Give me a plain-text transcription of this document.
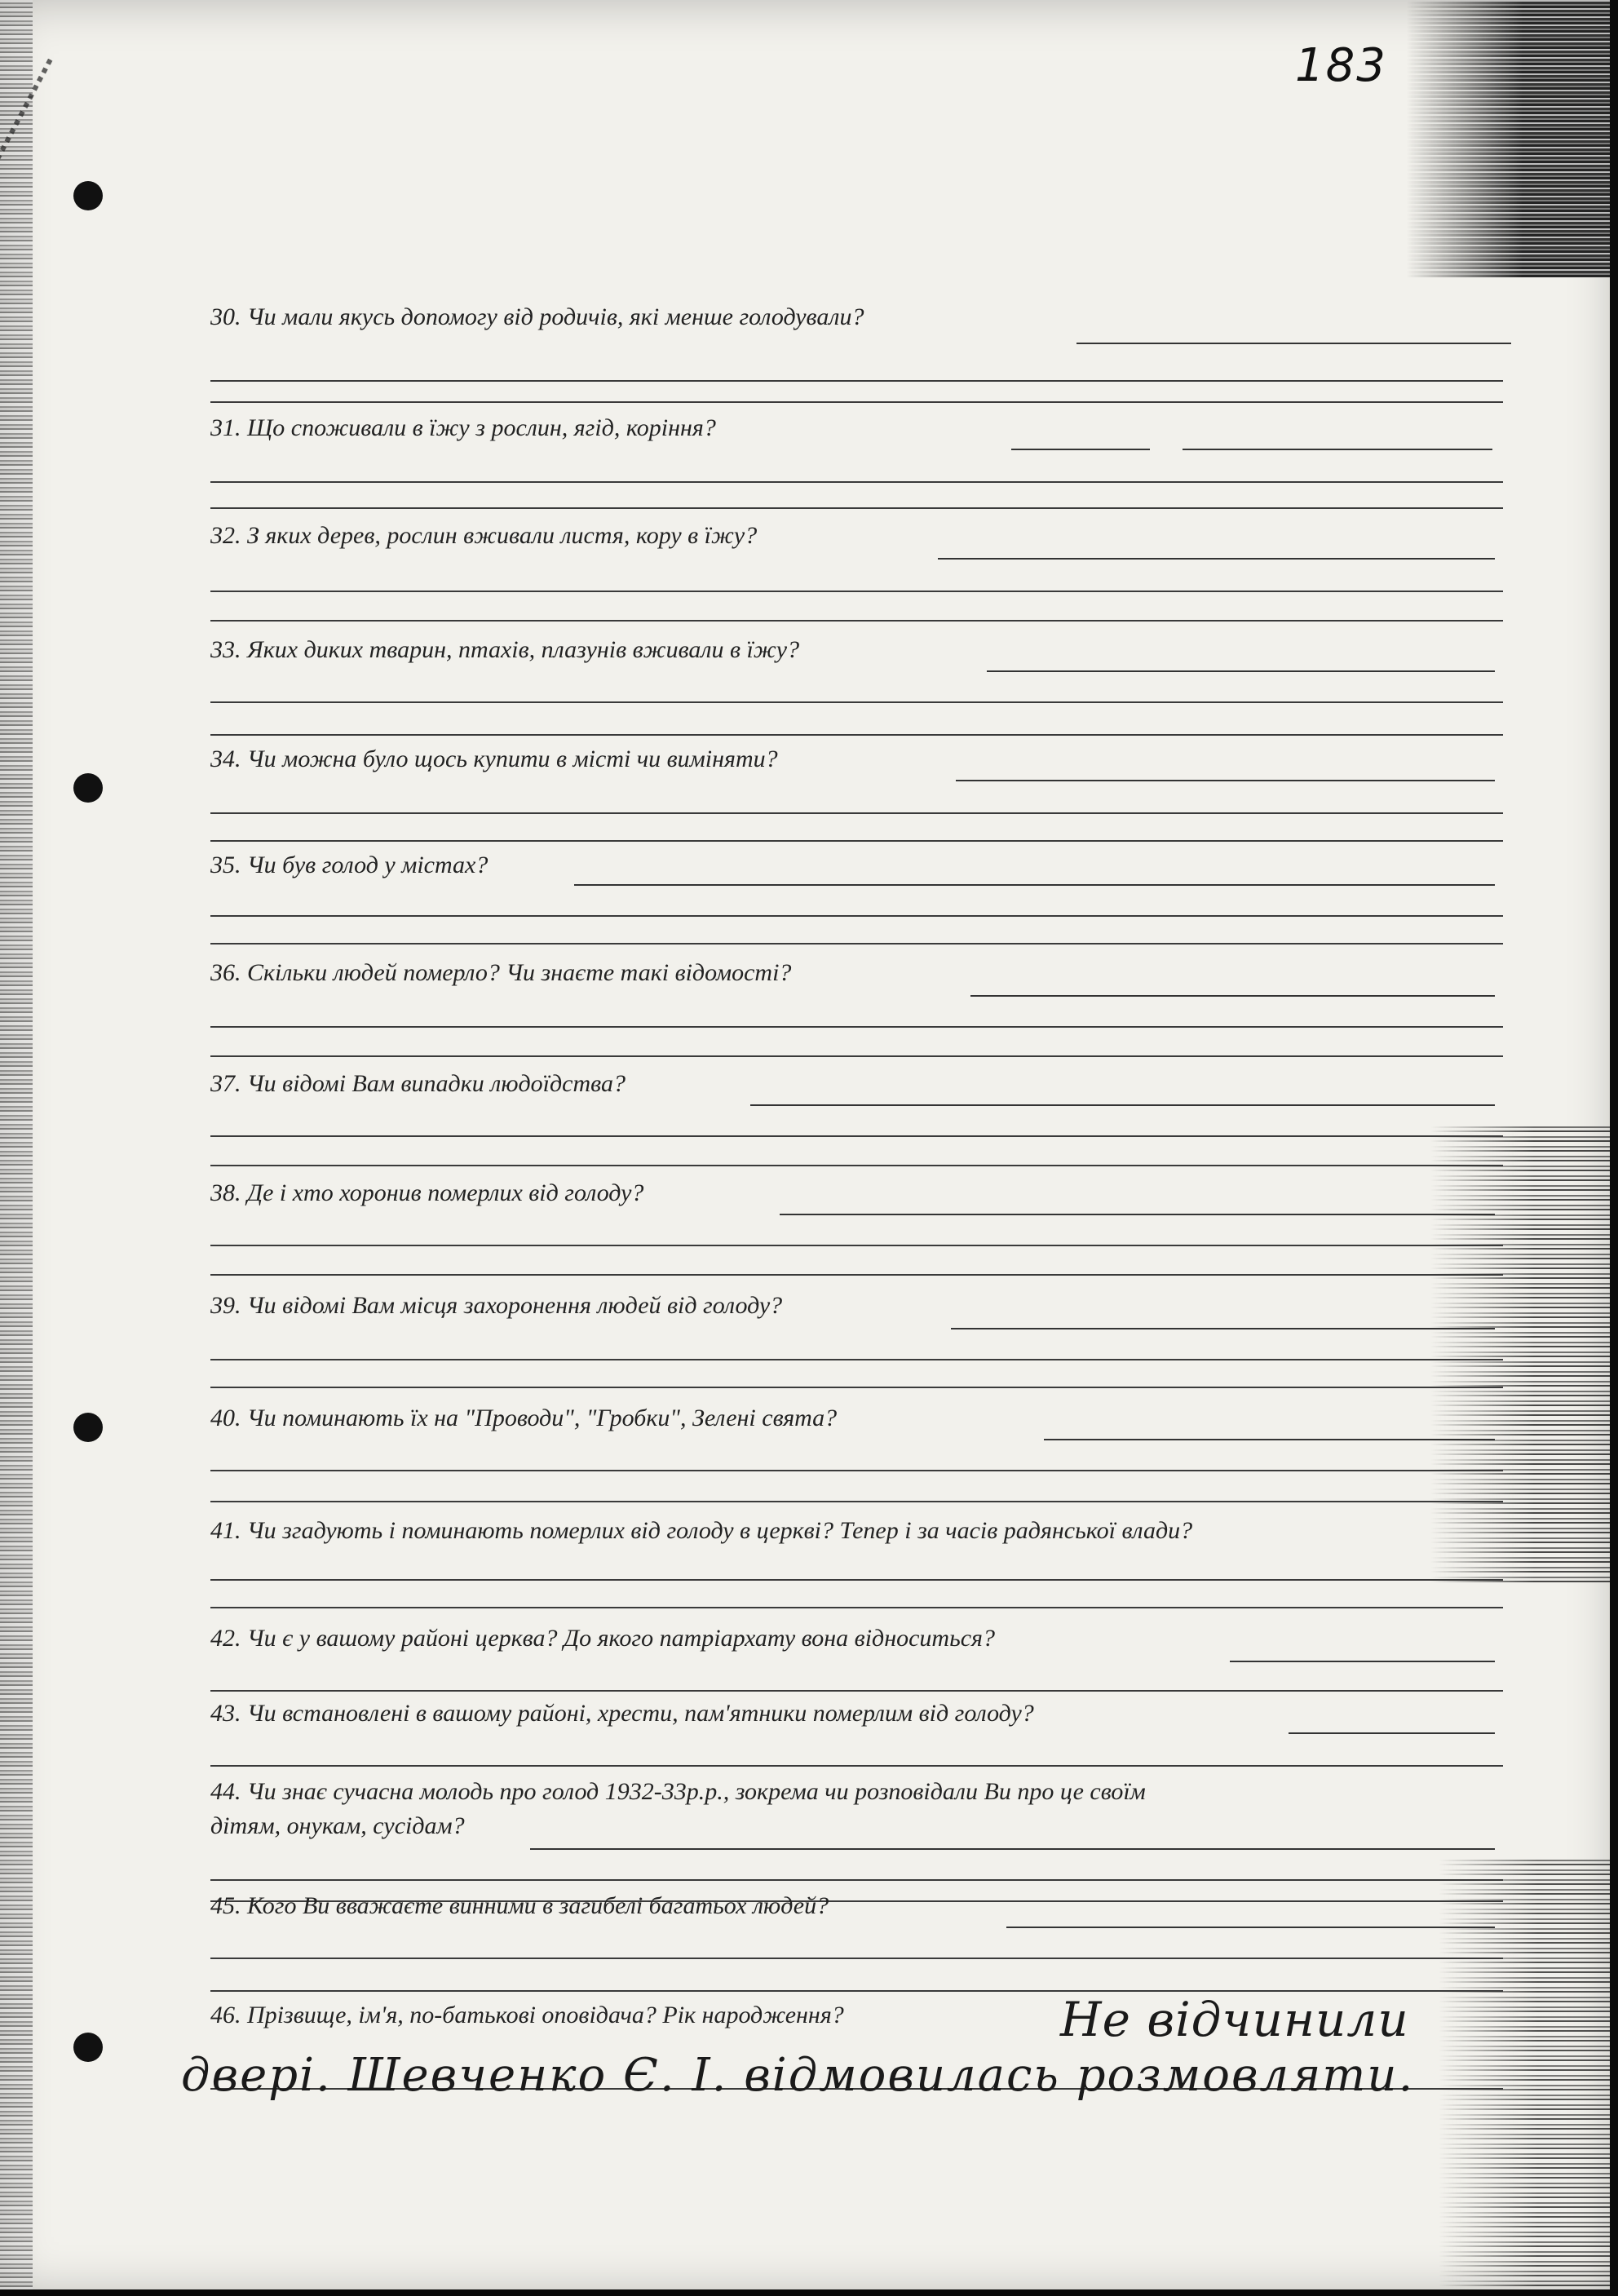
183
30. Чи мали якусь допомогу від родичів, які менше голодували?
31. Що споживали в їжу з рослин, ягід, коріння?
32. З яких дерев, рослин вживали листя, кору в їжу?
33. Яких диких тварин, птахів, плазунів вживали в їжу?
34. Чи можна було щось купити в місті чи виміняти?
35. Чи був голод у містах?
36. Скільки людей померло? Чи знаєте такі відомості?
37. Чи відомі Вам випадки людоїдства?
38. Де і хто хоронив померлих від голоду?
39. Чи відомі Вам місця захоронення людей від голоду?
40. Чи поминають їх на "Проводи", "Гробки", Зелені свята?
41. Чи згадують і поминають померлих від голоду в церкві? Тепер і за часів радянської влади?
42. Чи є у вашому районі церква? До якого патріархату вона відноситься?
43. Чи встановлені в вашому районі, хрести, пам'ятники померлим від голоду?
44. Чи знає сучасна молодь про голод 1932-33р.р., зокрема чи розповідали Ви про це своїм
дітям, онукам, сусідам?
45. Кого Ви вважаєте винними в загибелі багатьох людей?
46. Прізвище, ім'я, по-батькові оповідача? Рік народження?	Не відчинили
двері. Шевченко Є. І. відмовилась розмовляти.
